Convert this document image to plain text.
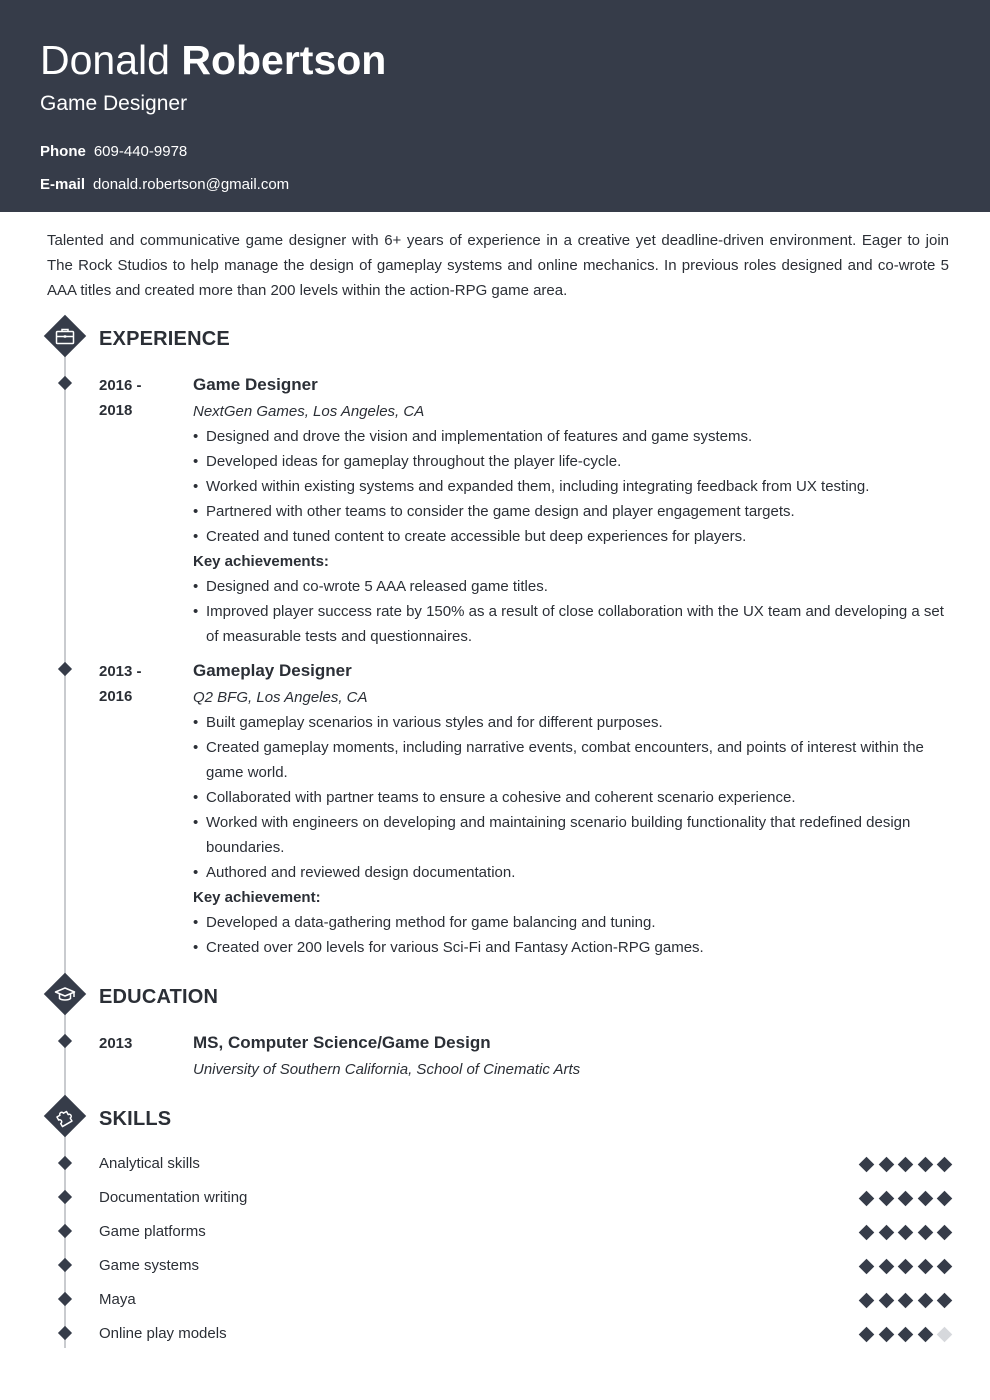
Donald Robertson
Game Designer
Phone 609-440-9978
E-mail donald.robertson@gmail.com
Talented and communicative game designer with 6+ years of experience in a creative yet deadline-driven environment. Eager to join The Rock Studios to help manage the design of gameplay systems and online mechanics. In previous roles designed and co-wrote 5 AAA titles and created more than 200 levels within the action-RPG game area.
EXPERIENCE
2016 -
2018
Game Designer
NextGen Games, Los Angeles, CA
• Designed and drove the vision and implementation of features and game systems.
• Developed ideas for gameplay throughout the player life-cycle.
• Worked within existing systems and expanded them, including integrating feedback from UX testing.
• Partnered with other teams to consider the game design and player engagement targets.
• Created and tuned content to create accessible but deep experiences for players.
Key achievements:
• Designed and co-wrote 5 AAA released game titles.
• Improved player success rate by 150% as a result of close collaboration with the UX team and developing a set of measurable tests and questionnaires.
2013 -
2016
Gameplay Designer
Q2 BFG, Los Angeles, CA
• Built gameplay scenarios in various styles and for different purposes.
• Created gameplay moments, including narrative events, combat encounters, and points of interest within the game world.
• Collaborated with partner teams to ensure a cohesive and coherent scenario experience.
• Worked with engineers on developing and maintaining scenario building functionality that redefined design boundaries.
• Authored and reviewed design documentation.
Key achievement:
• Developed a data-gathering method for game balancing and tuning.
• Created over 200 levels for various Sci-Fi and Fantasy Action-RPG games.
EDUCATION
2013	MS, Computer Science/Game Design
University of Southern California, School of Cinematic Arts
SKILLS
Analytical skills
Documentation writing
Game platforms
Game systems
Maya
Online play models
